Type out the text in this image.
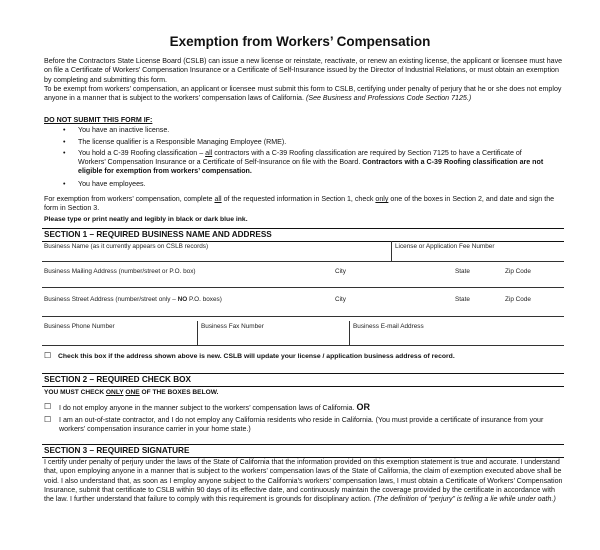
Exemption from Workers’ Compensation
Before the Contractors State License Board (CSLB) can issue a new license or reinstate, reactivate, or renew an existing license, the applicant or licensee must have on file a Certificate of Workers’ Compensation Insurance or a Certificate of Self-Insurance issued by the Director of Industrial Relations, or must obtain an exemption by completing and submitting this form.
To be exempt from workers’ compensation, an applicant or licensee must submit this form to CSLB, certifying under penalty of perjury that he or she does not employ anyone in a manner that is subject to the workers’ compensation laws of California. (See Business and Professions Code Section 7125.)
DO NOT SUBMIT THIS FORM IF:
• You have an inactive license.
• The license qualifier is a Responsible Managing Employee (RME).
• You hold a C-39 Roofing classification – all contractors with a C-39 Roofing classification are required by Section 7125 to have a Certificate of Workers’ Compensation Insurance or a Certificate of Self-Insurance on file with the Board. Contractors with a C-39 Roofing classification are not eligible for exemption from workers’ compensation.
• You have employees.
For exemption from workers’ compensation, complete all of the requested information in Section 1, check only one of the boxes in Section 2, and date and sign the form in Section 3.
Please type or print neatly and legibly in black or dark blue ink.
SECTION 1 – REQUIRED BUSINESS NAME AND ADDRESS
Business Name (as it currently appears on CSLB records)	License or Application Fee Number
Business Mailing Address (number/street or P.O. box)	City	State	Zip Code
Business Street Address (number/street only – NO P.O. boxes)	City	State	Zip Code
Business Phone Number	Business Fax Number	Business E-mail Address
☐ Check this box if the address shown above is new. CSLB will update your license / application business address of record.
SECTION 2 – REQUIRED CHECK BOX
YOU MUST CHECK ONLY ONE OF THE BOXES BELOW.
☐ I do not employ anyone in the manner subject to the workers’ compensation laws of California. OR
☐ I am an out-of-state contractor, and I do not employ any California residents who reside in California. (You must provide a certificate of insurance from your workers’ compensation insurance carrier in your home state.)
SECTION 3 – REQUIRED SIGNATURE
I certify under penalty of perjury under the laws of the State of California that the information provided on this exemption statement is true and accurate. I understand that, upon employing anyone in a manner that is subject to the workers’ compensation laws of the State of California, the claim of exemption executed above shall be void. I also understand that, as soon as I employ anyone subject to the California’s workers’ compensation laws, I must obtain a Certificate of Workers’ Compensation Insurance, submit that certificate to CSLB within 90 days of its effective date, and continuously maintain the coverage provided by the certificate in accordance with the law. I further understand that failure to comply with this requirement is grounds for disciplinary action. (The definition of “perjury” is telling a lie while under oath.)
